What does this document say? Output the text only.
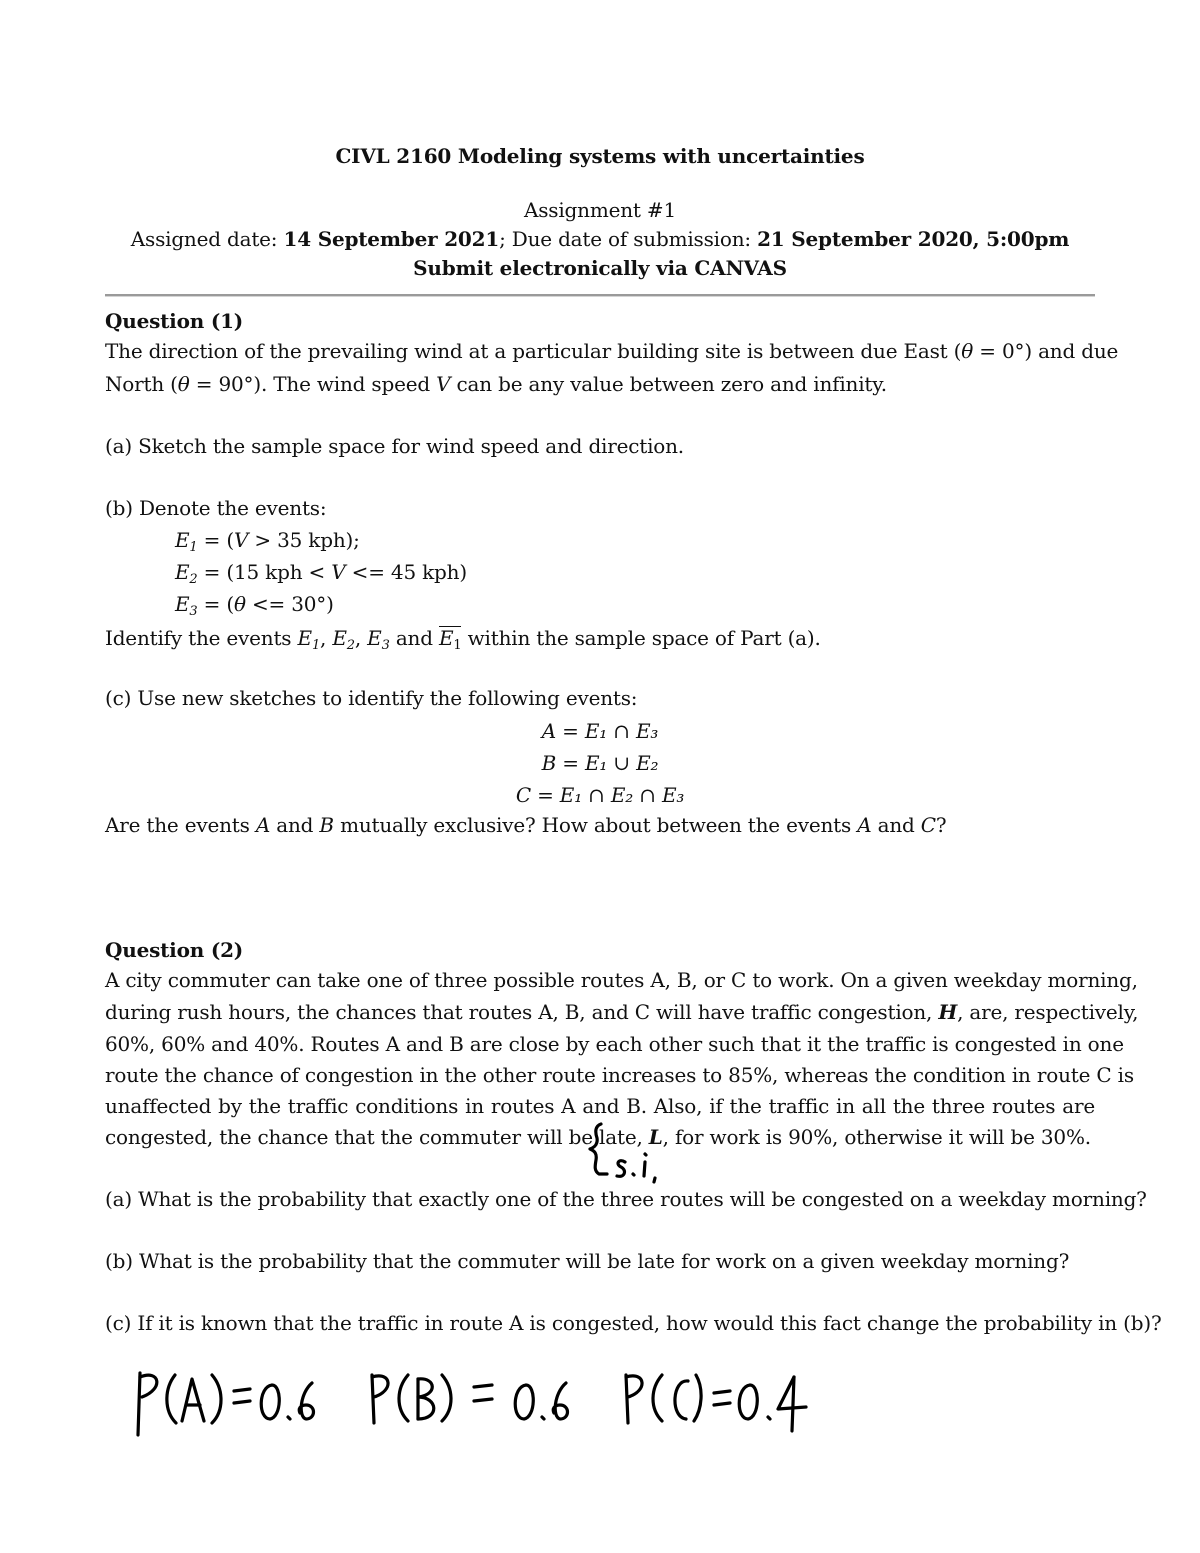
CIVL 2160 Modeling systems with uncertainties
Assignment #1
Assigned date: 14 September 2021; Due date of submission: 21 September 2020, 5:00pm
Submit electronically via CANVAS
Question (1)
The direction of the prevailing wind at a particular building site is between due East (θ = 0°) and due
North (θ = 90°). The wind speed V can be any value between zero and infinity.
(a) Sketch the sample space for wind speed and direction.
(b) Denote the events:
$E_1 = (V > 35$ kph);
$E_2 = (15$ kph < V <= 45 kph)
$E_3 = (\theta <= 30^\circ)$
Identify the events $E_1$, $E_2$, $E_3$ and $E_1$ within the sample space of Part (a).
(c) Use new sketches to identify the following events:
A = E₁ ∩ E₃
B = E₁ ∪ E₂
C = E₁ ∩ E₂ ∩ E₃
Are the events A and B mutually exclusive? How about between the events A and C?
Question (2)
A city commuter can take one of three possible routes A, B, or C to work. On a given weekday morning,
during rush hours, the chances that routes A, B, and C will have traffic congestion, H, are, respectively,
60%, 60% and 40%. Routes A and B are close by each other such that it the traffic is congested in one
route the chance of congestion in the other route increases to 85%, whereas the condition in route C is
unaffected by the traffic conditions in routes A and B. Also, if the traffic in all the three routes are
congested, the chance that the commuter will be late, L, for work is 90%, otherwise it will be 30%.
(a) What is the probability that exactly one of the three routes will be congested on a weekday morning?
(b) What is the probability that the commuter will be late for work on a given weekday morning?
(c) If it is known that the traffic in route A is congested, how would this fact change the probability in (b)?
